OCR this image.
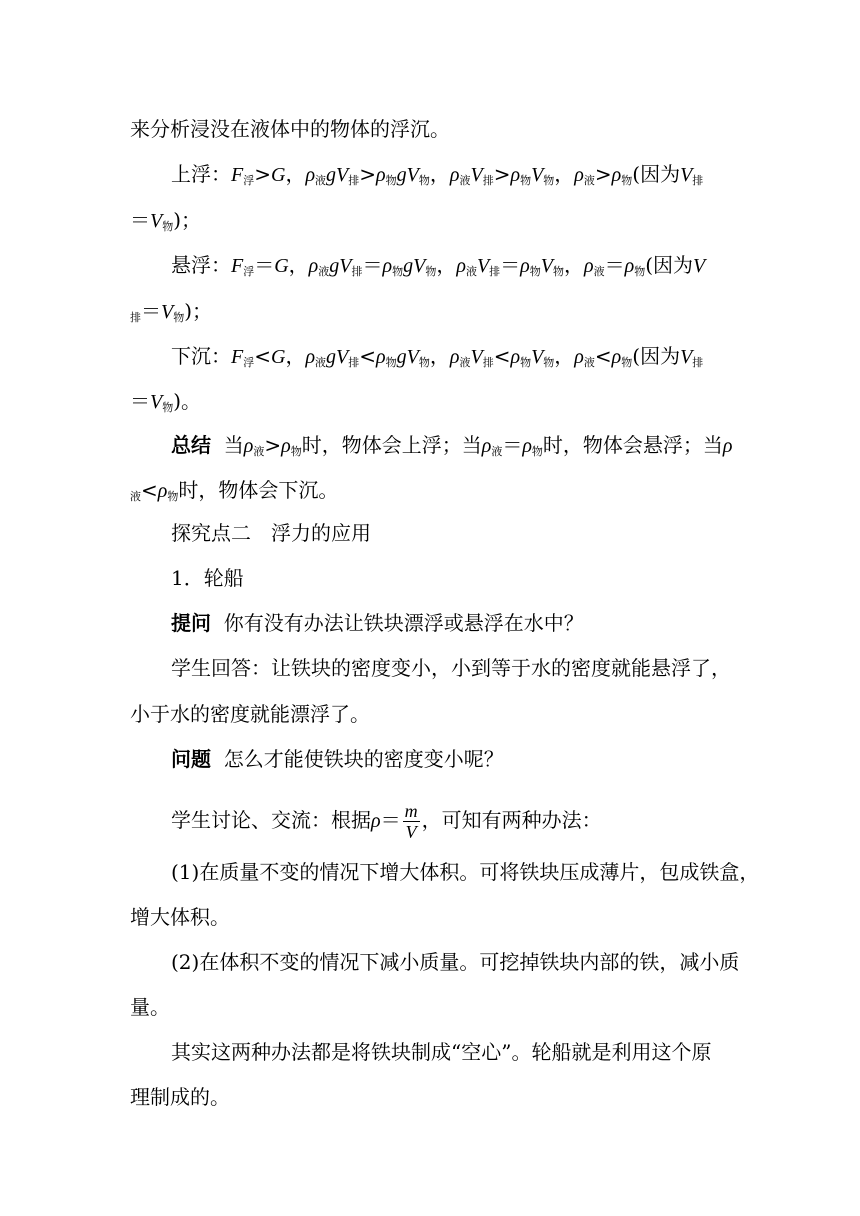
来分析浸没在液体中的物体的浮沉。
上浮：F浮>G，ρ液gV排>ρ物gV物，ρ液V排>ρ物V物，ρ液>ρ物(因为V排
＝V物)；
悬浮：F浮＝G，ρ液gV排＝ρ物gV物，ρ液V排＝ρ物V物，ρ液＝ρ物(因为V
排＝V物)；
下沉：F浮<G，ρ液gV排<ρ物gV物，ρ液V排<ρ物V物，ρ液<ρ物(因为V排
＝V物)。
总结 当ρ液>ρ物时，物体会上浮；当ρ液＝ρ物时，物体会悬浮；当ρ
液<ρ物时，物体会下沉。
探究点二　浮力的应用
1．轮船
提问 你有没有办法让铁块漂浮或悬浮在水中？
学生回答：让铁块的密度变小，小到等于水的密度就能悬浮了，
小于水的密度就能漂浮了。
问题 怎么才能使铁块的密度变小呢？
学生讨论、交流：根据$\rho= \frac{m}{V}$ ，可知有两种办法：
(1)在质量不变的情况下增大体积。可将铁块压成薄片，包成铁盒，
增大体积。
(2)在体积不变的情况下减小质量。可挖掉铁块内部的铁，减小质
量。
其实这两种办法都是将铁块制成“空心”。轮船就是利用这个原
理制成的。
